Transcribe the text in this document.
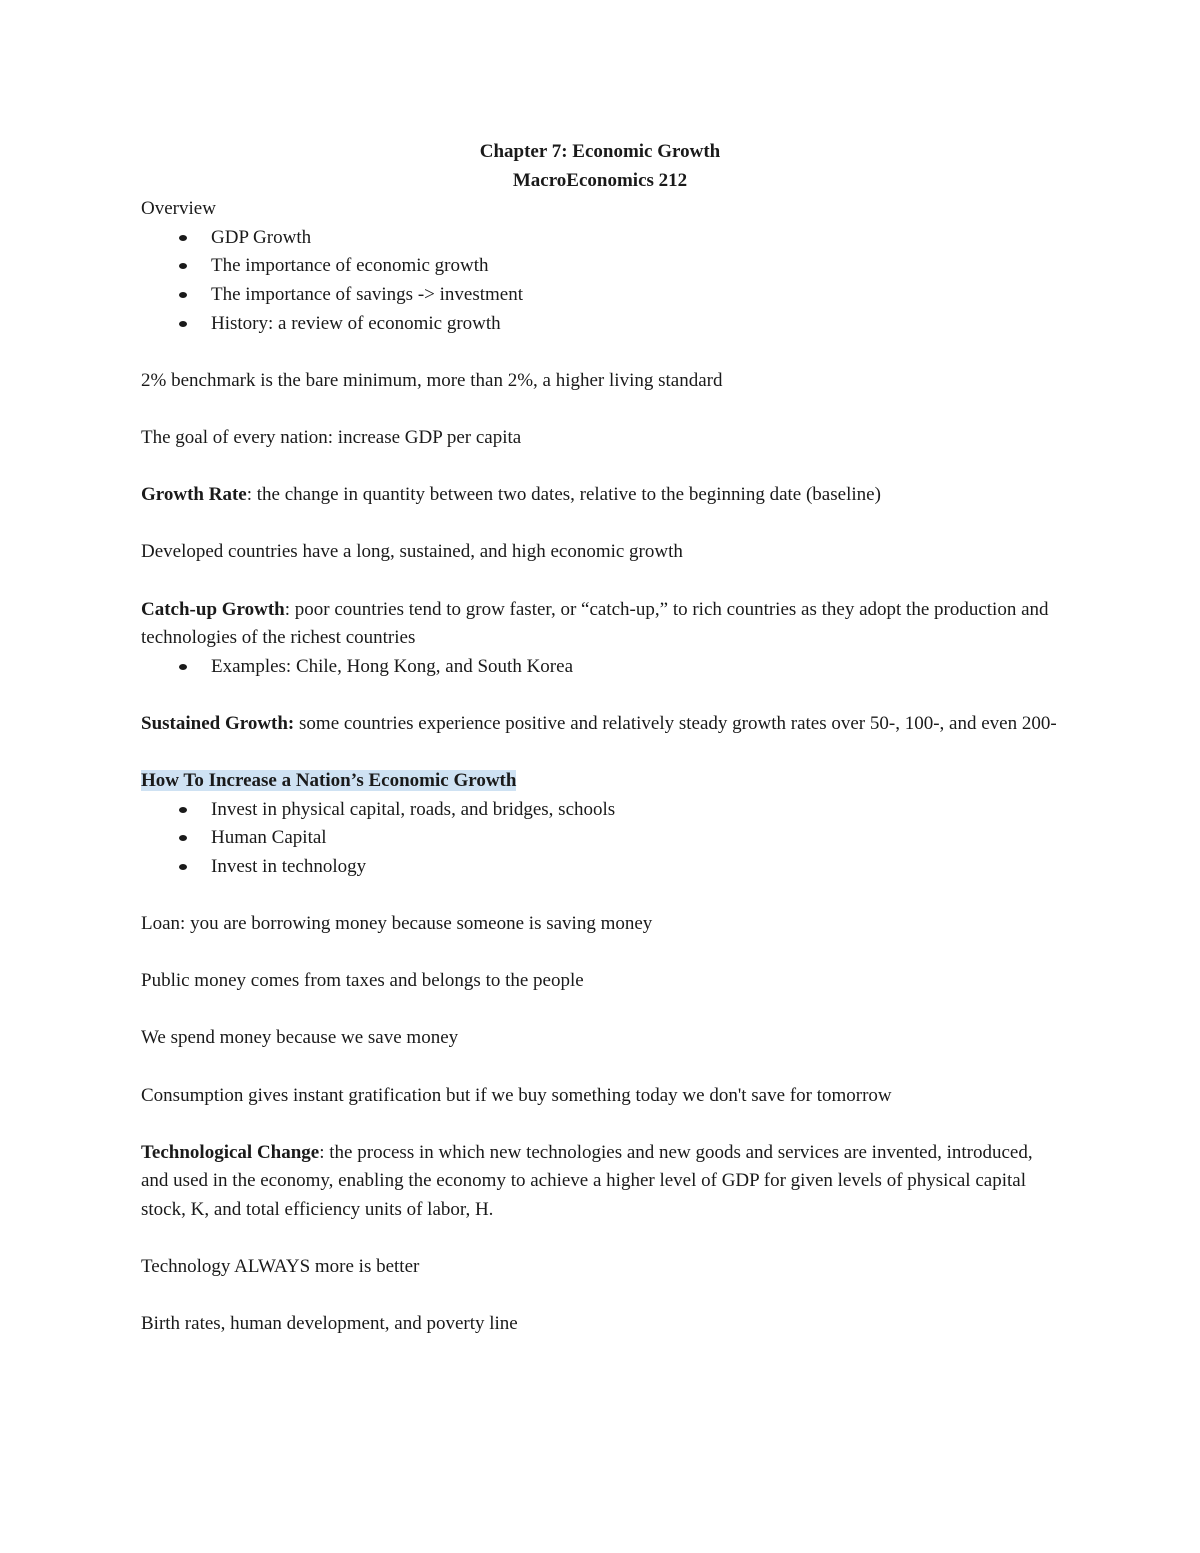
Chapter 7: Economic Growth
MacroEconomics 212
Overview
GDP Growth
The importance of economic growth
The importance of savings -> investment
History: a review of economic growth
2% benchmark is the bare minimum, more than 2%, a higher living standard
The goal of every nation: increase GDP per capita
Growth Rate: the change in quantity between two dates, relative to the beginning date (baseline)
Developed countries have a long, sustained, and high economic growth
Catch-up Growth: poor countries tend to grow faster, or “catch-up,” to rich countries as they adopt the production and technologies of the richest countries
Examples: Chile, Hong Kong, and South Korea
Sustained Growth: some countries experience positive and relatively steady growth rates over 50-, 100-, and even 200-
How To Increase a Nation’s Economic Growth
Invest in physical capital, roads, and bridges, schools
Human Capital
Invest in technology
Loan: you are borrowing money because someone is saving money
Public money comes from taxes and belongs to the people
We spend money because we save money
Consumption gives instant gratification but if we buy something today we don't save for tomorrow
Technological Change: the process in which new technologies and new goods and services are invented, introduced, and used in the economy, enabling the economy to achieve a higher level of GDP for given levels of physical capital stock, K, and total efficiency units of labor, H.
Technology ALWAYS more is better
Birth rates, human development, and poverty line
